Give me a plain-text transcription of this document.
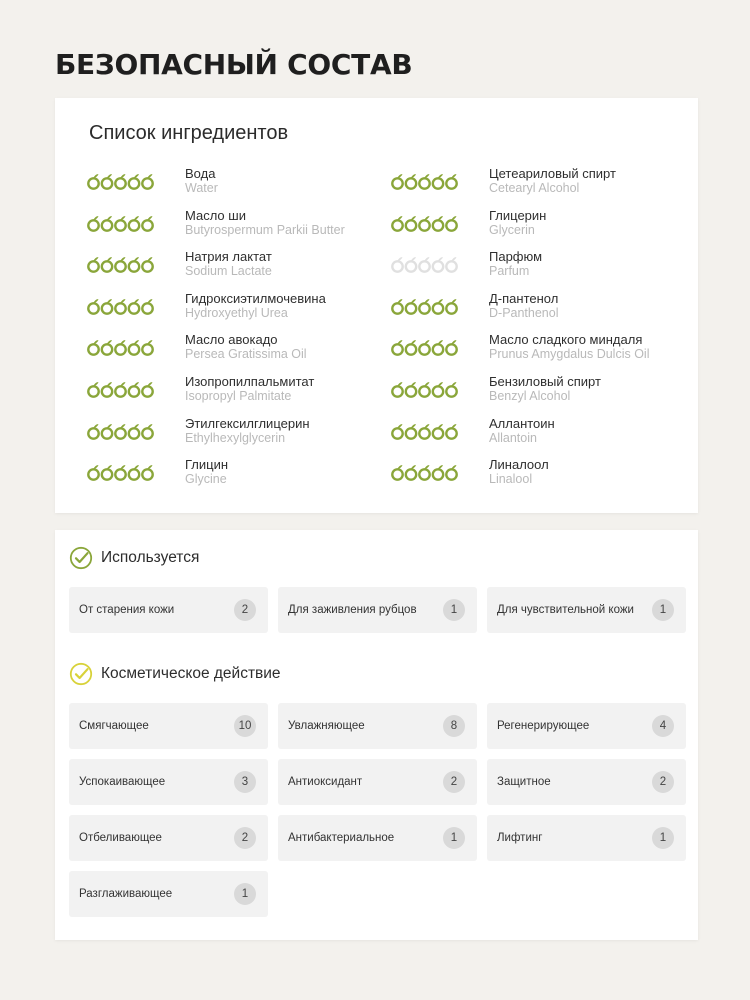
БЕЗОПАСНЫЙ СОСТАВ
Список ингредиентов
Вода
Water
Масло ши
Butyrospermum Parkii Butter
Натрия лактат
Sodium Lactate
Гидроксиэтилмочевина
Hydroxyethyl Urea
Масло авокадо
Persea Gratissima Oil
Изопропилпальмитат
Isopropyl Palmitate
Этилгексилглицерин
Ethylhexylglycerin
Глицин
Glycine
Цетеариловый спирт
Cetearyl Alcohol
Глицерин
Glycerin
Парфюм
Parfum
Д-пантенол
D-Panthenol
Масло сладкого миндаля
Prunus Amygdalus Dulcis Oil
Бензиловый спирт
Benzyl Alcohol
Аллантоин
Allantoin
Линалоол
Linalool
Используется
От старения кожи	2	Для заживления рубцов	1	Для чувствительной кожи	1
Косметическое действие
Смягчающее	10	Увлажняющее	8	Регенерирующее	4
Успокаивающее	3	Антиоксидант	2	Защитное	2
Отбеливающее	2	Антибактериальное	1	Лифтинг	1
Разглаживающее	1
